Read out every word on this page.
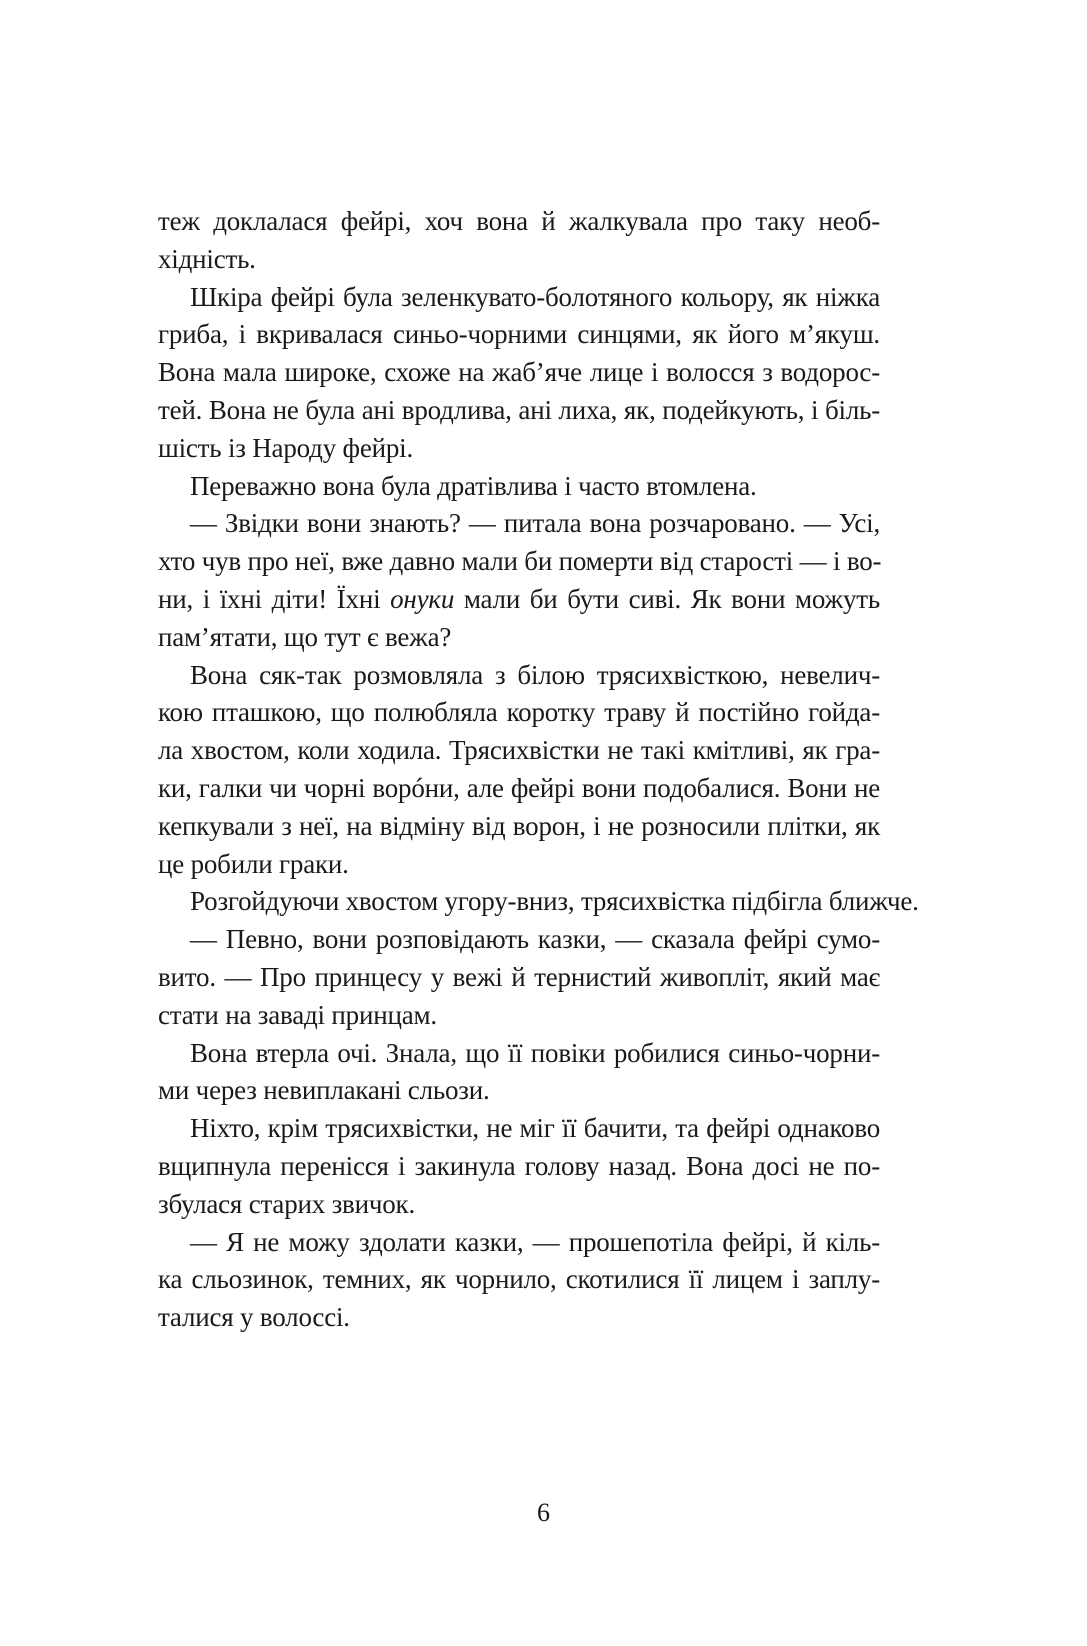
теж доклалася фейрі, хоч вона й жалкувала про таку необ-
хідність.
Шкіра фейрі була зеленкувато-болотяного кольору, як ніжка
гриба, і вкривалася синьо-чорними синцями, як його м’якуш.
Вона мала широке, схоже на жаб’яче лице і волосся з водорос-
тей. Вона не була ані вродлива, ані лиха, як, подейкують, і біль-
шість із Народу фейрі.
Переважно вона була дратівлива і часто втомлена.
— Звідки вони знають? — питала вона розчаровано. — Усі,
хто чув про неї, вже давно мали би померти від старості — і во-
ни, і їхні діти! Їхні онуки мали би бути сиві. Як вони можуть
пам’ятати, що тут є вежа?
Вона сяк-так розмовляла з білою трясихвісткою, невелич-
кою пташкою, що полюбляла коротку траву й постійно гойда-
ла хвостом, коли ходила. Трясихвістки не такі кмітливі, як гра-
ки, галки чи чорні ворóни, але фейрі вони подобалися. Вони не
кепкували з неї, на відміну від ворон, і не розносили плітки, як
це робили граки.
Розгойдуючи хвостом угору-вниз, трясихвістка підбігла ближче.
— Певно, вони розповідають казки, — сказала фейрі сумо-
вито. — Про принцесу у вежі й тернистий живопліт, який має
стати на заваді принцам.
Вона втерла очі. Знала, що її повіки робилися синьо-чорни-
ми через невиплакані сльози.
Ніхто, крім трясихвістки, не міг її бачити, та фейрі однаково
вщипнула перенісся і закинула голову назад. Вона досі не по-
збулася старих звичок.
— Я не можу здолати казки, — прошепотіла фейрі, й кіль-
ка сльозинок, темних, як чорнило, скотилися її лицем і заплу-
талися у волоссі.
6
